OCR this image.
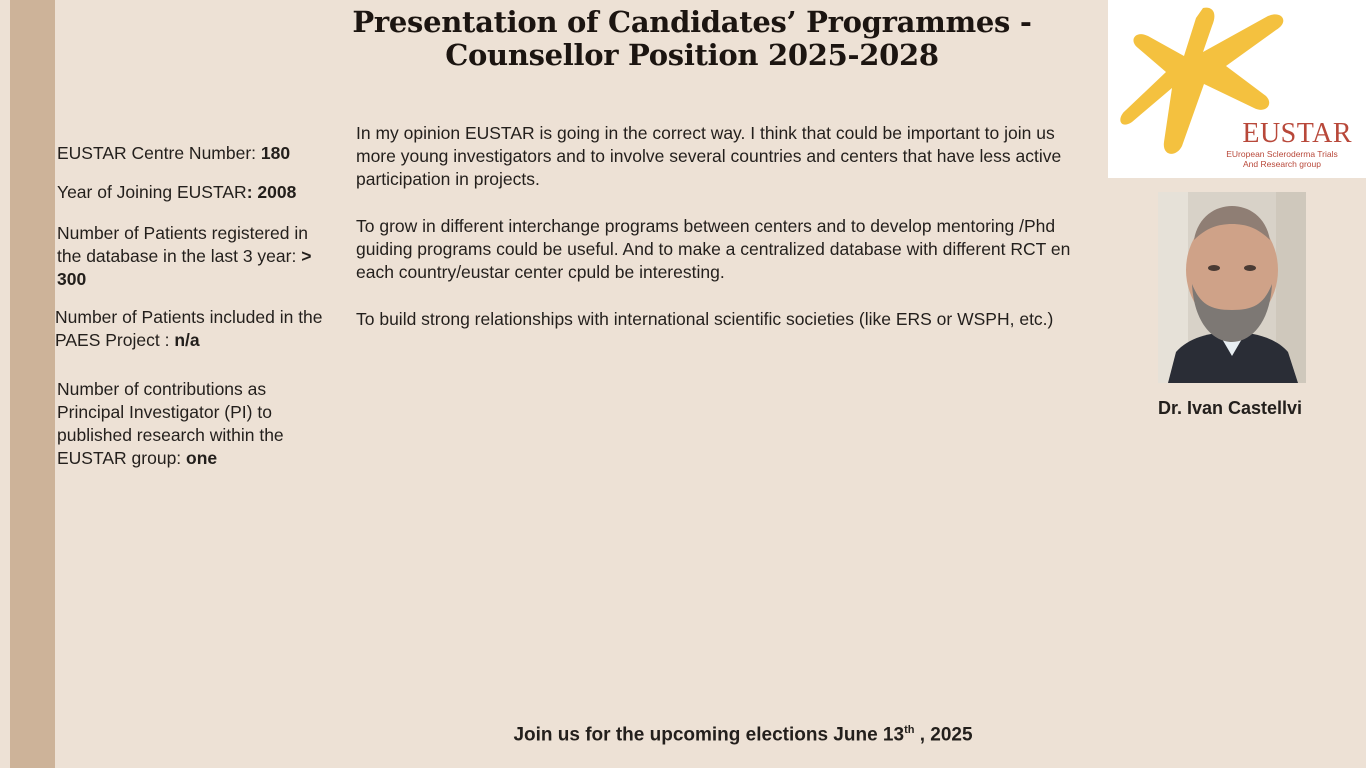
Presentation of Candidates’ Programmes -
Counsellor Position 2025-2028
EUSTAR
EUropean Scleroderma Trials
And Research group
EUSTAR Centre Number: 180
Year of Joining EUSTAR: 2008
Number of Patients registered in the database in the last 3 year: > 300
Number of Patients included in the PAES Project : n/a
Number of contributions as Principal Investigator (PI) to published research within the EUSTAR group: one

In my opinion EUSTAR is going in the correct way. I think that could be important to join us more young investigators and to involve several countries and centers that have less active participation in projects.

To grow in different interchange programs between centers and to develop mentoring /Phd guiding programs could be useful. And to make a centralized database with different RCT en each country/eustar center cpuld be interesting.

To build strong relationships with international scientific societies (like ERS or WSPH, etc.)

Dr. Ivan Castellvi
Join us for the upcoming elections June 13th , 2025
